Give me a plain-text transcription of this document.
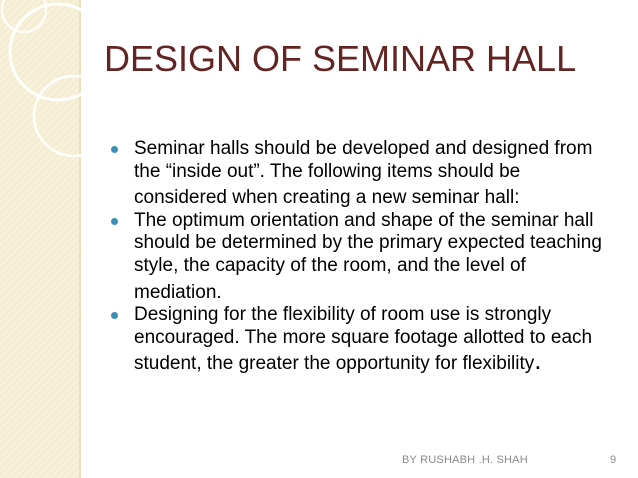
DESIGN OF SEMINAR HALL
Seminar halls should be developed and designed from the “inside out”. The following items should be considered when creating a new seminar hall:
The optimum orientation and shape of the seminar hall should be determined by the primary expected teaching style, the capacity of the room, and the level of mediation.
Designing for the flexibility of room use is strongly encouraged. The more square footage allotted to each student, the greater the opportunity for flexibility.
BY RUSHABH .H. SHAH	9
